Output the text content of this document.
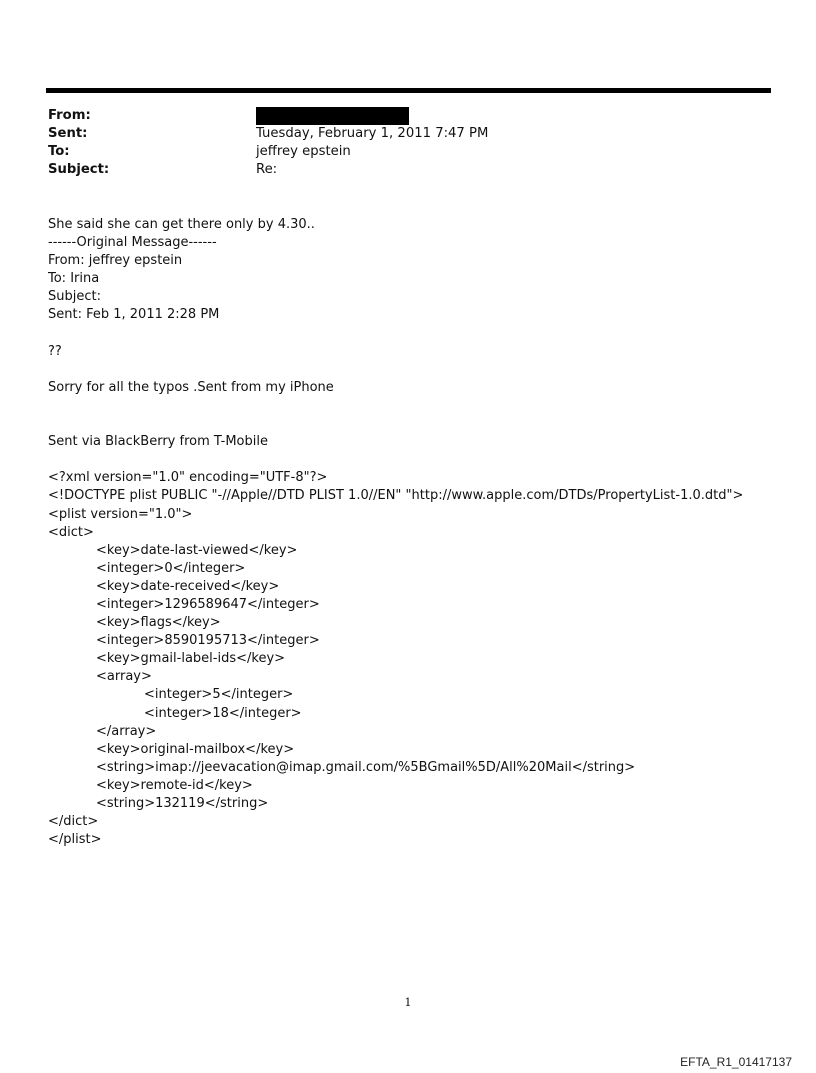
From:
Sent:	Tuesday, February 1, 2011 7:47 PM
To:	jeffrey epstein
Subject:	Re:
She said she can get there only by 4.30..
------Original Message------
From: jeffrey epstein
To: Irina
Subject:
Sent: Feb 1, 2011 2:28 PM
??
Sorry for all the typos .Sent from my iPhone
Sent via BlackBerry from T-Mobile
<?xml version="1.0" encoding="UTF-8"?>
<!DOCTYPE plist PUBLIC "-//Apple//DTD PLIST 1.0//EN" "http://www.apple.com/DTDs/PropertyList-1.0.dtd">
<plist version="1.0">
<dict>
<key>date-last-viewed</key>
<integer>0</integer>
<key>date-received</key>
<integer>1296589647</integer>
<key>flags</key>
<integer>8590195713</integer>
<key>gmail-label-ids</key>
<array>
<integer>5</integer>
<integer>18</integer>
</array>
<key>original-mailbox</key>
<string>imap://jeevacation@imap.gmail.com/%5BGmail%5D/All%20Mail</string>
<key>remote-id</key>
<string>132119</string>
</dict>
</plist>
1
EFTA_R1_01417137
